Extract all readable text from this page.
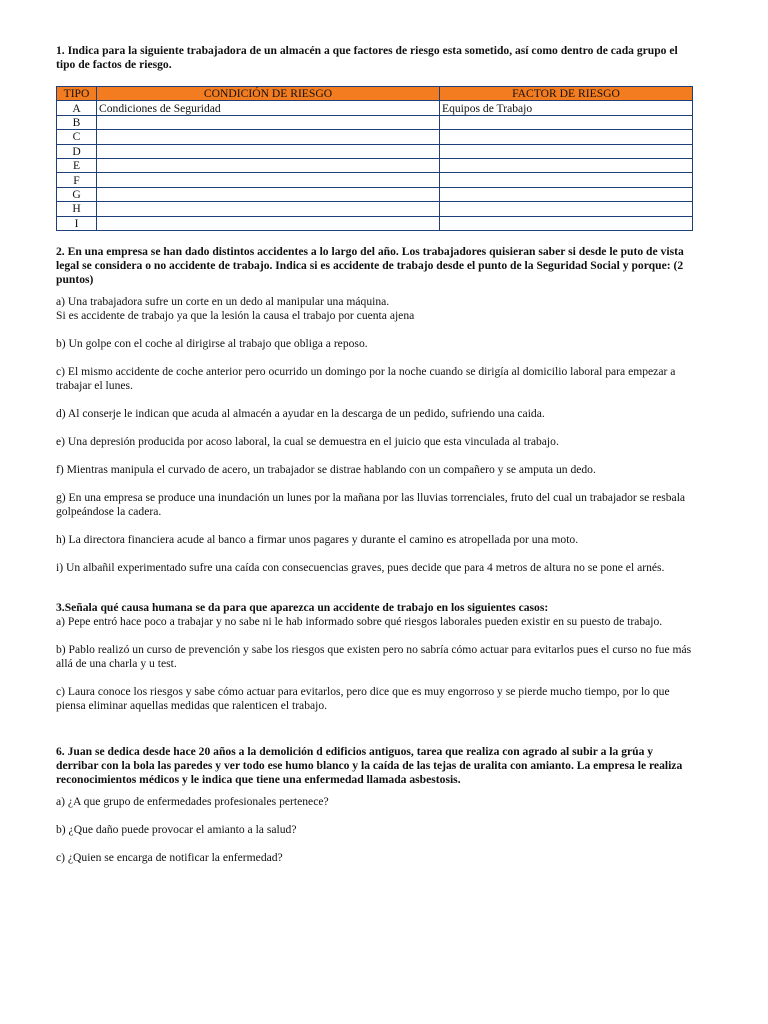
1. Indica para la siguiente trabajadora de un almacén a que factores de riesgo esta sometido, así como dentro de cada grupo el tipo de factos de riesgo.

TIPO	CONDICIÓN DE RIESGO	FACTOR DE RIESGO
A	Condiciones de Seguridad	Equipos de Trabajo
B		
C		
D		
E		
F		
G		
H		
I		

2. En una empresa se han dado distintos accidentes a lo largo del año. Los trabajadores quisieran saber si desde le puto de vista legal se considera o no accidente de trabajo. Indica si es accidente de trabajo desde el punto de la Seguridad Social y porque: (2 puntos)

a) Una trabajadora sufre un corte en un dedo al manipular una máquina.

Si es accidente de trabajo ya que la lesión la causa el trabajo por cuenta ajena

b) Un golpe con el coche al dirigirse al trabajo que obliga a reposo.

c) El mismo accidente de coche anterior pero ocurrido un domingo por la noche cuando se dirigía al domicilio laboral para empezar a trabajar el lunes.

d) Al conserje le indican que acuda al almacén a ayudar en la descarga de un pedido, sufriendo una caida.

e) Una depresión producida por acoso laboral, la cual se demuestra en el juicio que esta vinculada al trabajo.

f) Mientras manipula el curvado de acero, un trabajador se distrae hablando con un compañero y se amputa un dedo.

g) En una empresa se produce una inundación un lunes por la mañana por las lluvias torrenciales, fruto del cual un trabajador se resbala golpeándose la cadera.

h) La directora financiera acude al banco a firmar unos pagares y durante el camino es atropellada por una moto.

i) Un albañil experimentado sufre una caída con consecuencias graves, pues decide que para 4 metros de altura no se pone el arnés.

3.Señala qué causa humana se da para que aparezca un accidente de trabajo en los siguientes casos:

a) Pepe entró hace poco a trabajar y no sabe ni le hab informado sobre qué riesgos laborales pueden existir en su puesto de trabajo.

b) Pablo realizó un curso de prevención y sabe los riesgos que existen pero no sabría cómo actuar para evitarlos pues el curso no fue más allá de una charla y u test.

c) Laura conoce los riesgos y sabe cómo actuar para evitarlos, pero dice que es muy engorroso y se pierde mucho tiempo, por lo que piensa eliminar aquellas medidas que ralenticen el trabajo.

6. Juan se dedica desde hace 20 años a la demolición d edificios antiguos, tarea que realiza con agrado al subir a la grúa y derribar con la bola las paredes y ver todo ese humo blanco y la caída de las tejas de uralita con amianto. La empresa le realiza reconocimientos médicos y le indica que tiene una enfermedad llamada asbestosis.

a) ¿A que grupo de enfermedades profesionales pertenece?

b) ¿Que daño puede provocar el amianto a la salud?

c) ¿Quien se encarga de notificar la enfermedad?
